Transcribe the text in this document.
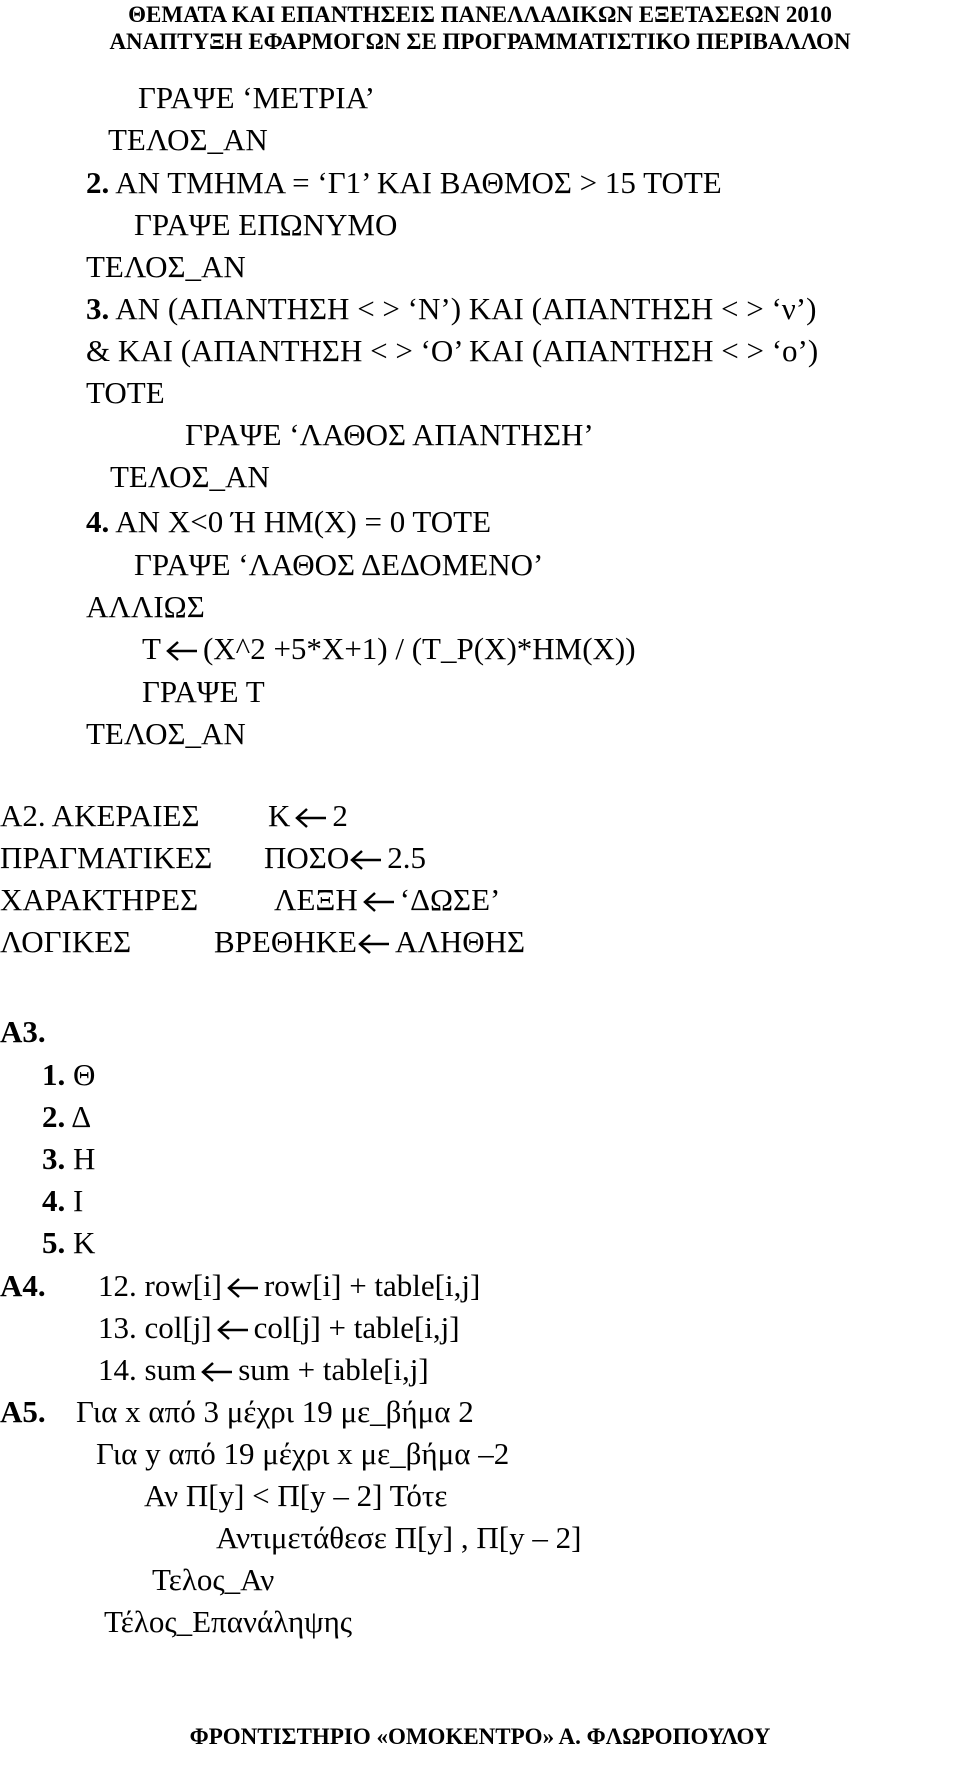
ΘΕΜΑΤΑ ΚΑΙ ΕΠΑΝΤΗΣΕΙΣ ΠΑΝΕΛΛΑΔΙΚΩΝ ΕΞΕΤΑΣΕΩΝ 2010
ΑΝΑΠΤΥΞΗ ΕΦΑΡΜΟΓΩΝ ΣΕ ΠΡΟΓΡΑΜΜΑΤΙΣΤΙΚΟ ΠΕΡΙΒΑΛΛΟΝ
ΓΡΑΨΕ ‘ΜΕΤΡΙΑ’
ΤΕΛΟΣ_ΑΝ
2. ΑΝ ΤΜΗΜΑ = ‘Γ1’ ΚΑΙ ΒΑΘΜΟΣ > 15 ΤΟΤΕ
ΓΡΑΨΕ ΕΠΩΝΥΜΟ
ΤΕΛΟΣ_ΑΝ
3. ΑΝ (ΑΠΑΝΤΗΣΗ < > ‘Ν’) ΚΑΙ (ΑΠΑΝΤΗΣΗ < > ‘ν’)
& ΚΑΙ (ΑΠΑΝΤΗΣΗ < > ‘Ο’ ΚΑΙ (ΑΠΑΝΤΗΣΗ < > ‘ο’)
ΤΟΤΕ
ΓΡΑΨΕ ‘ΛΑΘΟΣ ΑΠΑΝΤΗΣΗ’
ΤΕΛΟΣ_ΑΝ
4. ΑΝ Χ<0 Ή ΗΜ(Χ) = 0 ΤΟΤΕ
ΓΡΑΨΕ ‘ΛΑΘΟΣ ΔΕΔΟΜΕΝΟ’
ΑΛΛΙΩΣ
Τ (Χ^2 +5*Χ+1) / (Τ_Ρ(Χ)*ΗΜ(Χ))
ΓΡΑΨΕ Τ
ΤΕΛΟΣ_ΑΝ
Α2. ΑΚΕΡΑΙΕΣ Κ 2
ΠΡΑΓΜΑΤΙΚΕΣ ΠΟΣΟ 2.5
ΧΑΡΑΚΤΗΡΕΣ ΛΕΞΗ ‘ΔΩΣΕ’
ΛΟΓΙΚΕΣ	ΒΡΕΘΗΚΕ ΑΛΗΘΗΣ
Α3.
1. Θ
2. Δ
3. Η
4. Ι
5. Κ
Α4. 12. row[i] row[i] + table[i,j]
13. col[j] col[j] + table[i,j]
14. sum sum + table[i,j]
Α5. Για x από 3 μέχρι 19 με_βήμα 2
Για y από 19 μέχρι x με_βήμα –2
Αν Π[y] < Π[y – 2] Τότε
Αντιμετάθεσε Π[y] , Π[y – 2]
Τελος_Αν
Τέλος_Επανάληψης
ΦΡΟΝΤΙΣΤΗΡΙΟ «ΟΜΟΚΕΝΤΡΟ» Α. ΦΛΩΡΟΠΟΥΛΟΥ
